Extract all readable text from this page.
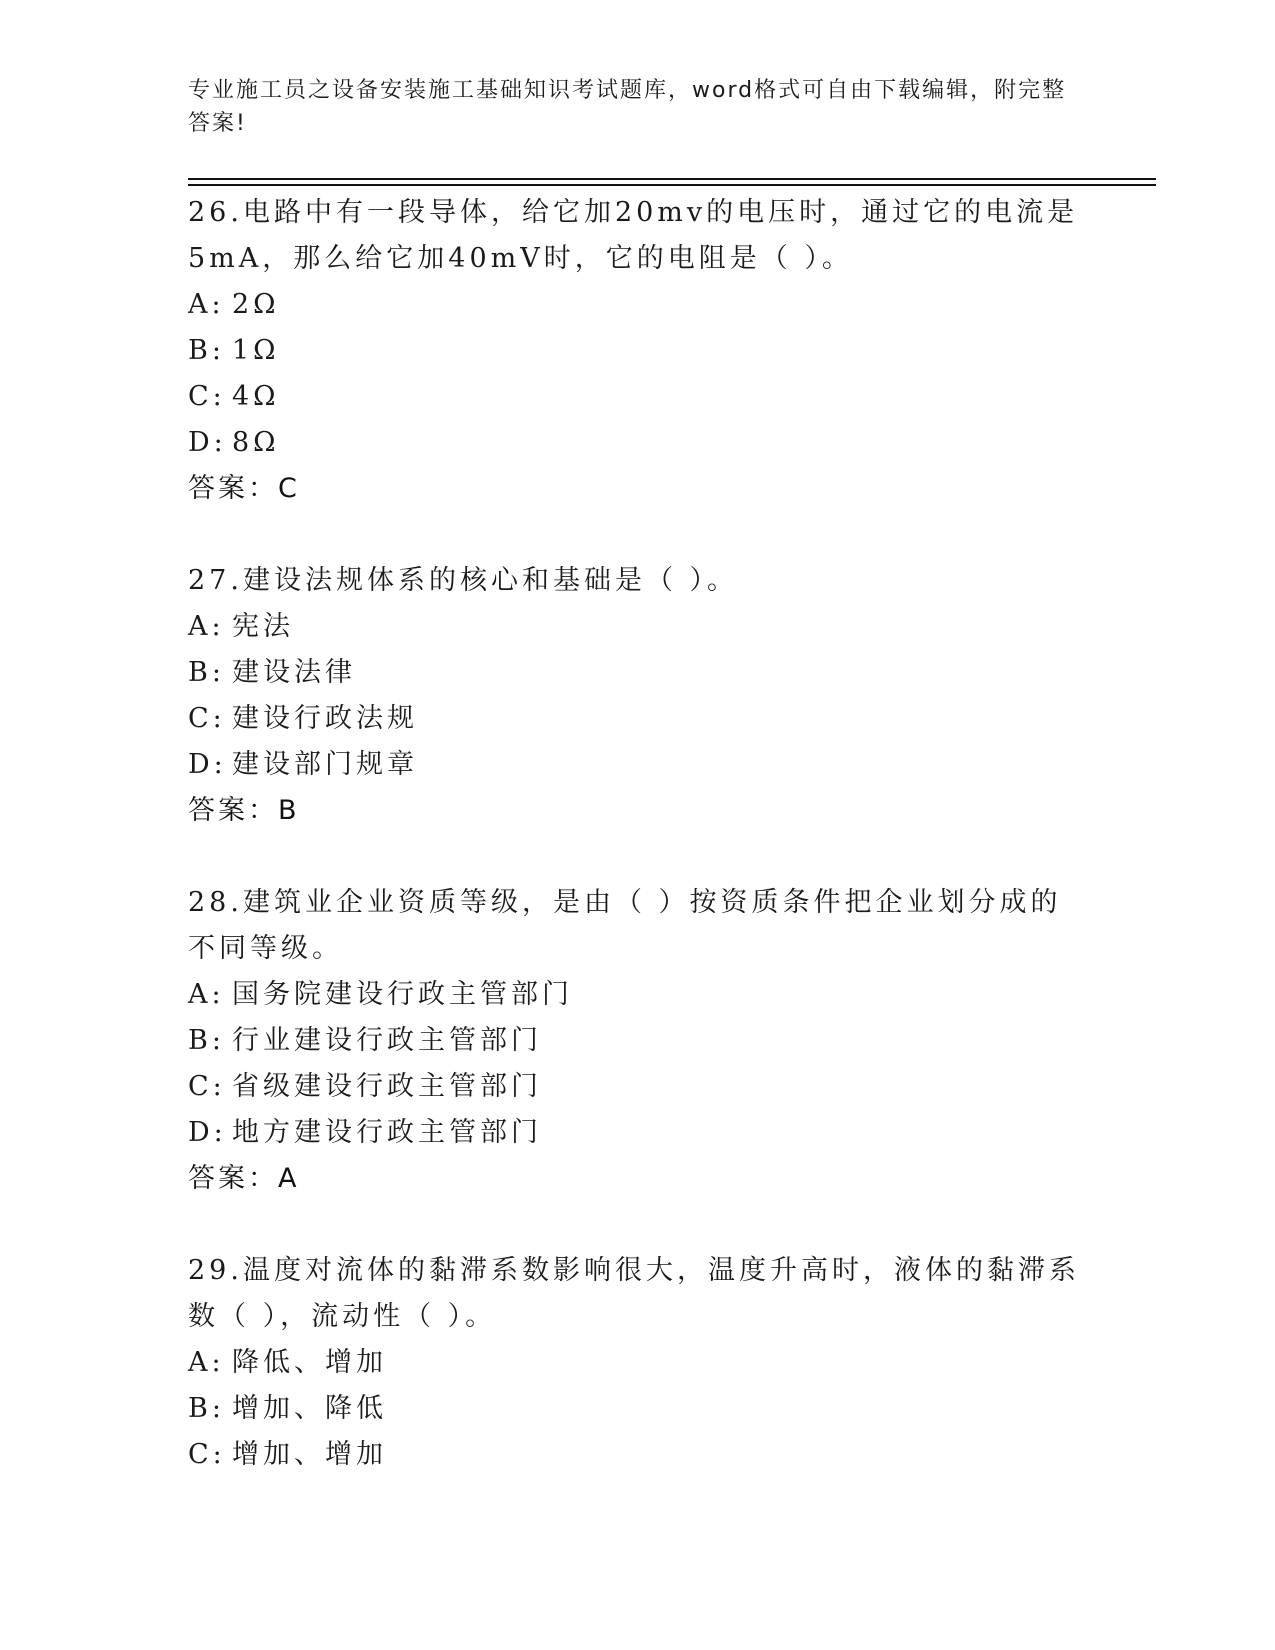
专业施工员之设备安装施工基础知识考试题库，word格式可自由下载编辑，附完整答案!

26.电路中有一段导体，给它加20mv的电压时，通过它的电流是5mA，那么给它加40mV时，它的电阻是（ ）。

A: 2Ω

B: 1Ω

C: 4Ω

D: 8Ω

答案：C

27.建设法规体系的核心和基础是（ ）。

A: 宪法

B: 建设法律

C: 建设行政法规

D: 建设部门规章

答案：B

28.建筑业企业资质等级，是由（ ）按资质条件把企业划分成的不同等级。

A: 国务院建设行政主管部门

B: 行业建设行政主管部门

C: 省级建设行政主管部门

D: 地方建设行政主管部门

答案：A

29.温度对流体的黏滞系数影响很大，温度升高时，液体的黏滞系数（ ），流动性（ ）。

A: 降低、增加

B: 增加、降低

C: 增加、增加
